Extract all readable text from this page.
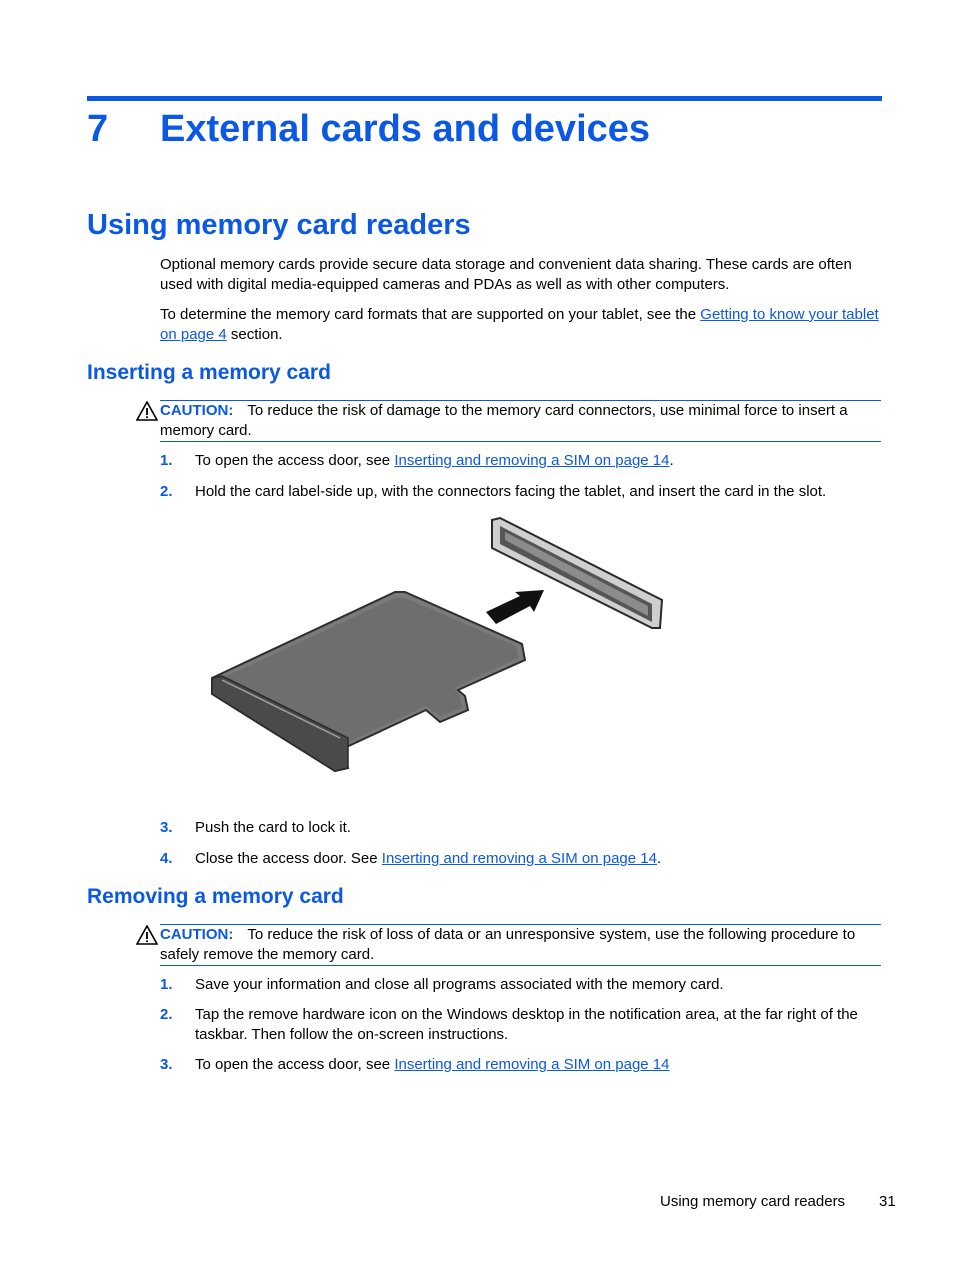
7 External cards and devices
Using memory card readers
Optional memory cards provide secure data storage and convenient data sharing. These cards are often used with digital media-equipped cameras and PDAs as well as with other computers.
To determine the memory card formats that are supported on your tablet, see the Getting to know your tablet on page 4 section.
Inserting a memory card
CAUTION: To reduce the risk of damage to the memory card connectors, use minimal force to insert a memory card.
1. To open the access door, see Inserting and removing a SIM on page 14.
2. Hold the card label-side up, with the connectors facing the tablet, and insert the card in the slot.
3. Push the card to lock it.
4. Close the access door. See Inserting and removing a SIM on page 14.
Removing a memory card
CAUTION: To reduce the risk of loss of data or an unresponsive system, use the following procedure to safely remove the memory card.
1. Save your information and close all programs associated with the memory card.
2. Tap the remove hardware icon on the Windows desktop in the notification area, at the far right of the taskbar. Then follow the on-screen instructions.
3. To open the access door, see Inserting and removing a SIM on page 14
Using memory card readers 31
